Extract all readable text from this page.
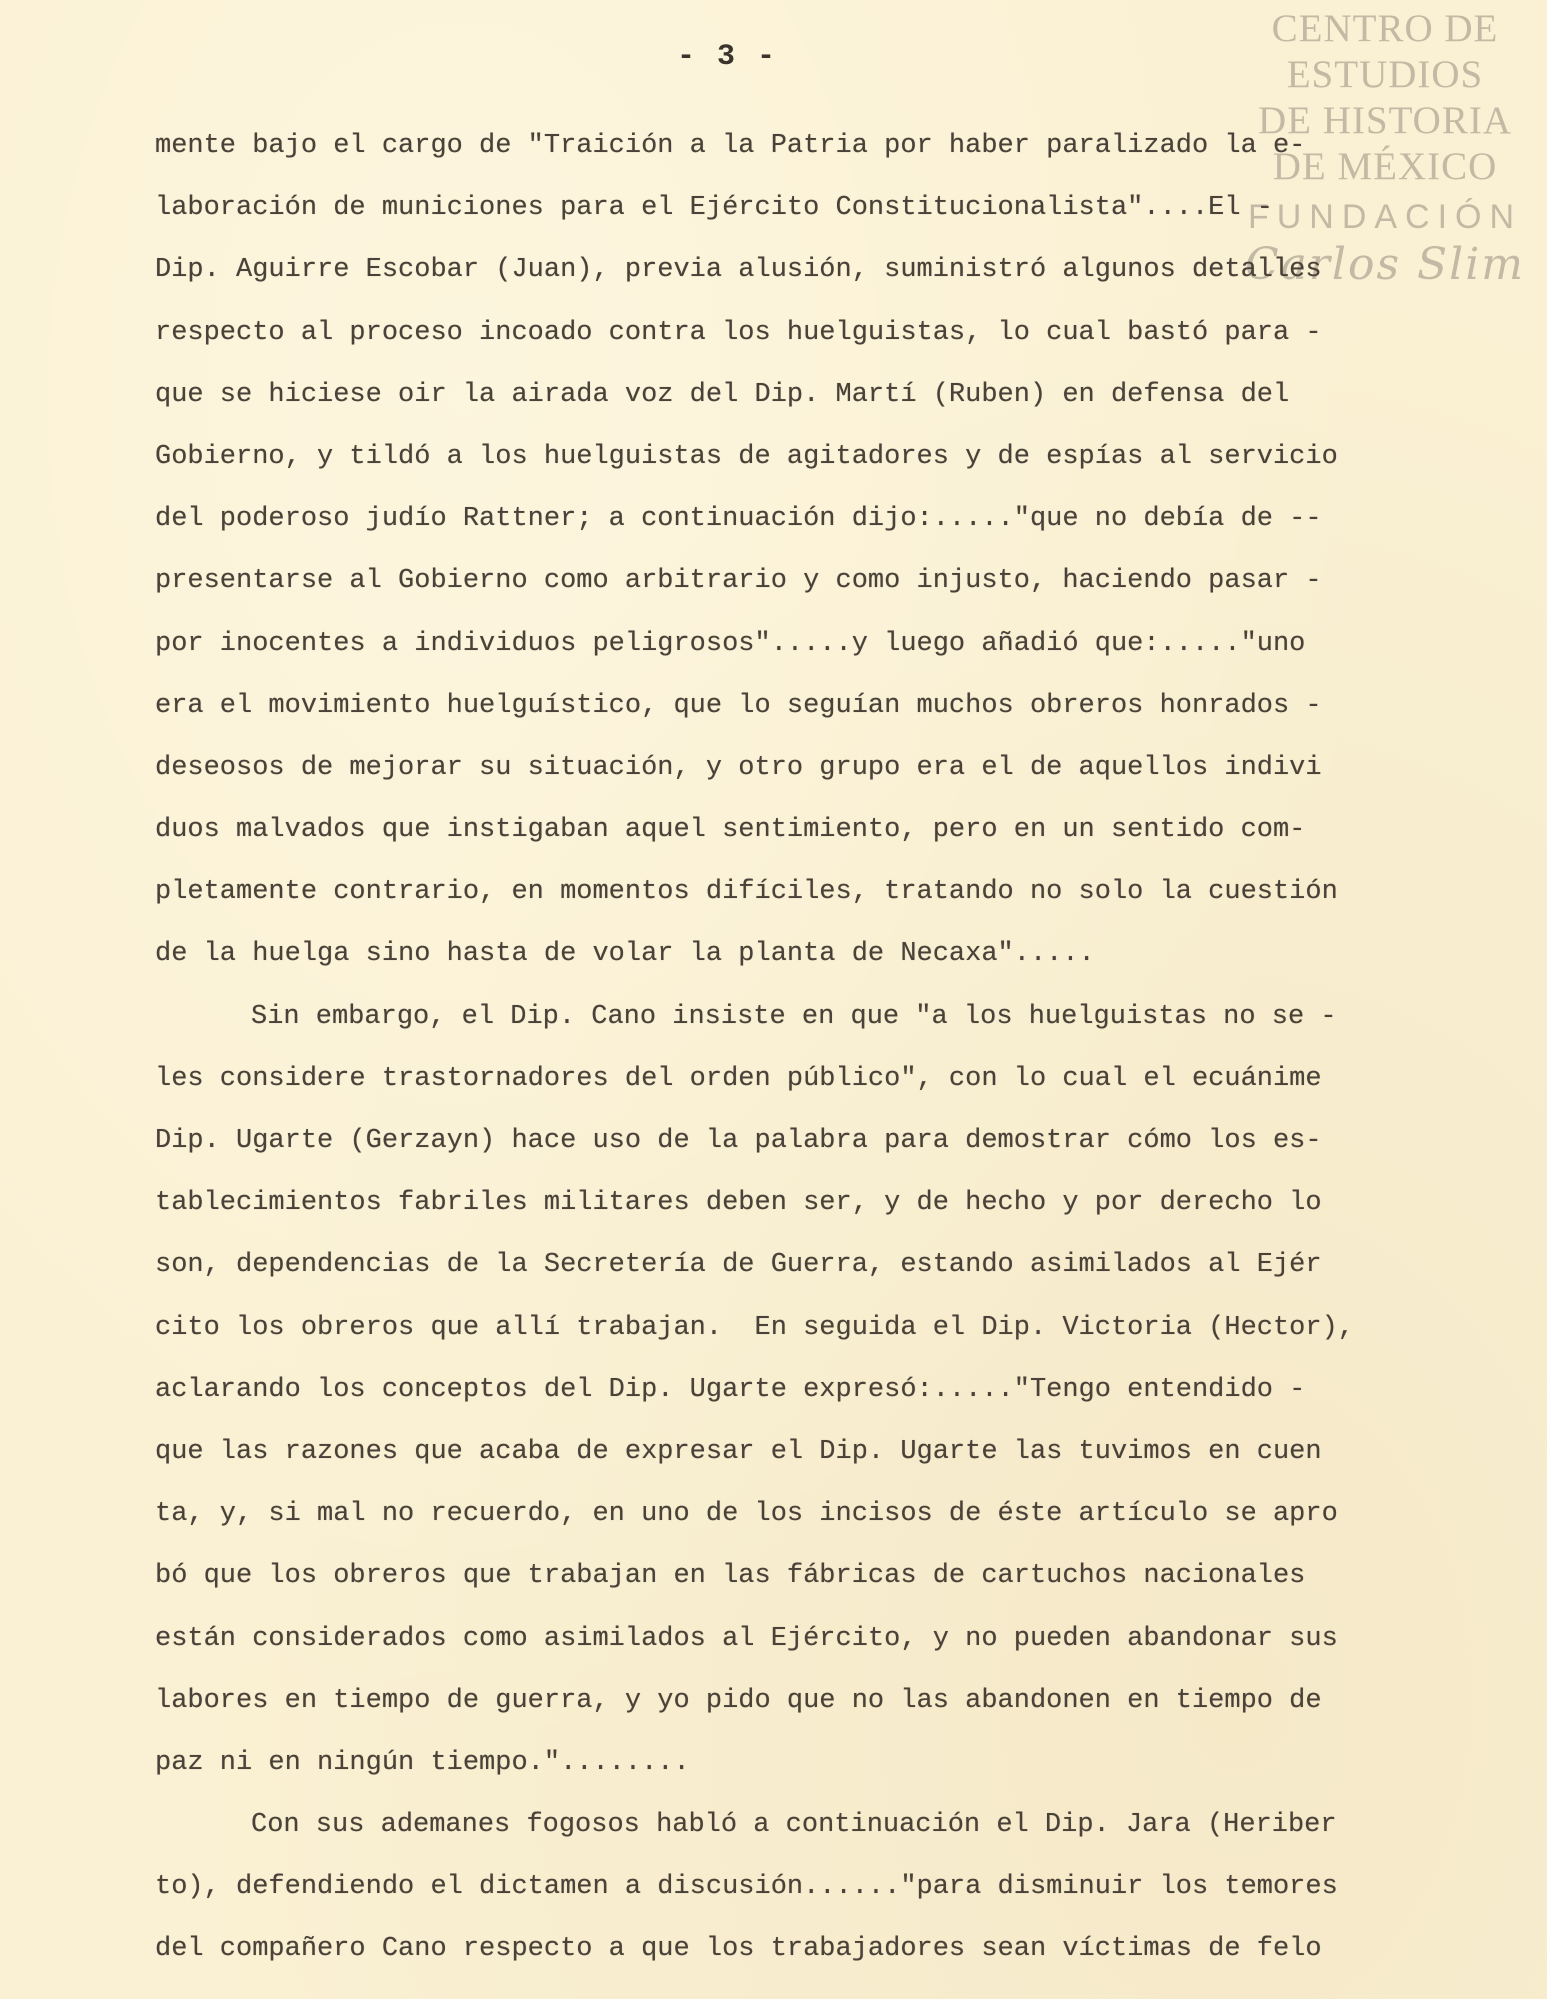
- 3 -
CENTRO DE
ESTUDIOS
DE HISTORIA
DE MÉXICO
FUNDACIÓN
Carlos Slim
mente bajo el cargo de "Traición a la Patria por haber paralizado la e-
laboración de municiones para el Ejército Constitucionalista"....El -
Dip. Aguirre Escobar (Juan), previa alusión, suministró algunos detalles
respecto al proceso incoado contra los huelguistas, lo cual bastó para -
que se hiciese oir la airada voz del Dip. Martí (Ruben) en defensa del
Gobierno, y tildó a los huelguistas de agitadores y de espías al servicio
del poderoso judío Rattner; a continuación dijo:....."que no debía de --
presentarse al Gobierno como arbitrario y como injusto, haciendo pasar -
por inocentes a individuos peligrosos".....y luego añadió que:....."uno
era el movimiento huelguístico, que lo seguían muchos obreros honrados -
deseosos de mejorar su situación, y otro grupo era el de aquellos indivi
duos malvados que instigaban aquel sentimiento, pero en un sentido com-
pletamente contrario, en momentos difíciles, tratando no solo la cuestión
de la huelga sino hasta de volar la planta de Necaxa".....
Sin embargo, el Dip. Cano insiste en que "a los huelguistas no se -
les considere trastornadores del orden público", con lo cual el ecuánime
Dip. Ugarte (Gerzayn) hace uso de la palabra para demostrar cómo los es-
tablecimientos fabriles militares deben ser, y de hecho y por derecho lo
son, dependencias de la Secretería de Guerra, estando asimilados al Ejér
cito los obreros que allí trabajan.  En seguida el Dip. Victoria (Hector),
aclarando los conceptos del Dip. Ugarte expresó:....."Tengo entendido -
que las razones que acaba de expresar el Dip. Ugarte las tuvimos en cuen
ta, y, si mal no recuerdo, en uno de los incisos de éste artículo se apro
bó que los obreros que trabajan en las fábricas de cartuchos nacionales
están considerados como asimilados al Ejército, y no pueden abandonar sus
labores en tiempo de guerra, y yo pido que no las abandonen en tiempo de
paz ni en ningún tiempo."........
Con sus ademanes fogosos habló a continuación el Dip. Jara (Heriber
to), defendiendo el dictamen a discusión......"para disminuir los temores
del compañero Cano respecto a que los trabajadores sean víctimas de felo
